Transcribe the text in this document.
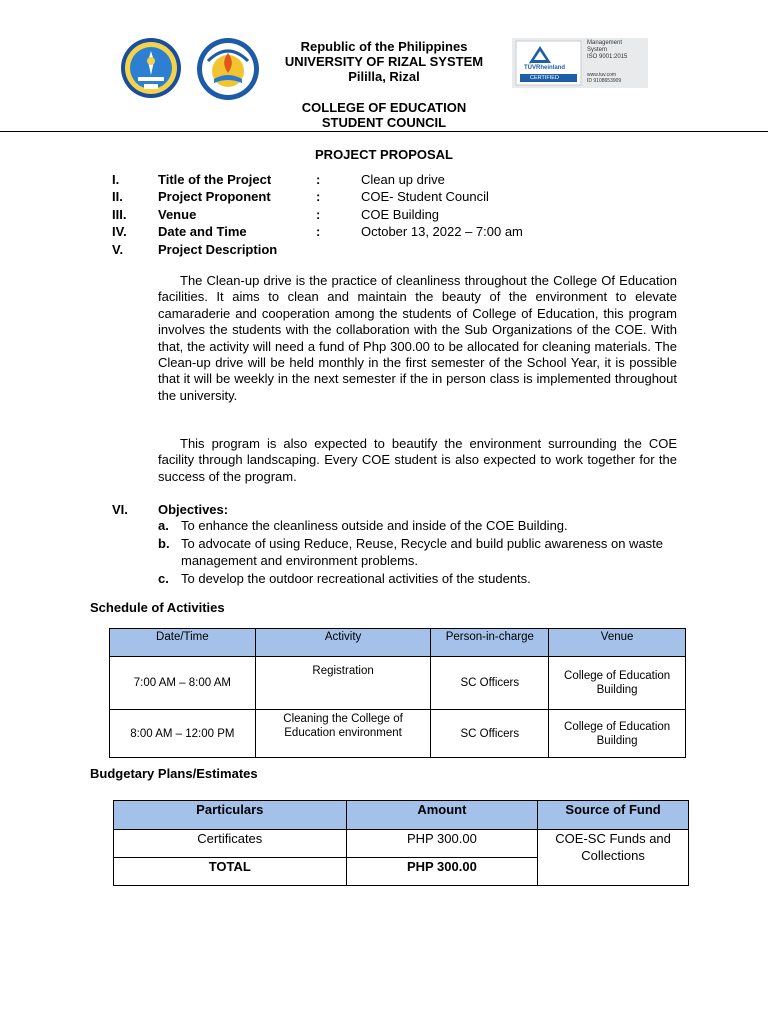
Republic of the Philippines
UNIVERSITY OF RIZAL SYSTEM
Pililla, Rizal
TÜVRheinland
CERTIFIED
Management
System
ISO 9001:2015
www.tuv.com
ID 9108653909
COLLEGE OF EDUCATION
STUDENT COUNCIL
PROJECT PROPOSAL
I.	Title of the Project	:	Clean up drive
II.	Project Proponent	:	COE- Student Council
III. Venue	:	COE Building
IV. Date and Time	:	October 13, 2022 – 7:00 am
V.	Project Description
The Clean-up drive is the practice of cleanliness throughout the College Of Education facilities. It aims to clean and maintain the beauty of the environment to elevate camaraderie and cooperation among the students of College of Education, this program involves the students with the collaboration with the Sub Organizations of the COE. With that, the activity will need a fund of Php 300.00 to be allocated for cleaning materials. The Clean-up drive will be held monthly in the first semester of the School Year, it is possible that it will be weekly in the next semester if the in person class is implemented throughout the university.
This program is also expected to beautify the environment surrounding the COE facility through landscaping. Every COE student is also expected to work together for the success of the program.
VI. Objectives:
a. To enhance the cleanliness outside and inside of the COE Building.
b. To advocate of using Reduce, Reuse, Recycle and build public awareness on waste management and environment problems.
c. To develop the outdoor recreational activities of the students.
Schedule of Activities
Date/Time	Activity	Person-in-charge	Venue
7:00 AM – 8:00 AM	Registration	SC Officers	College of Education Building
8:00 AM – 12:00 PM	Cleaning the College of Education environment	SC Officers	College of Education Building
Budgetary Plans/Estimates
Particulars	Amount	Source of Fund
Certificates	PHP 300.00	COE-SC Funds and Collections
TOTAL	PHP 300.00	
